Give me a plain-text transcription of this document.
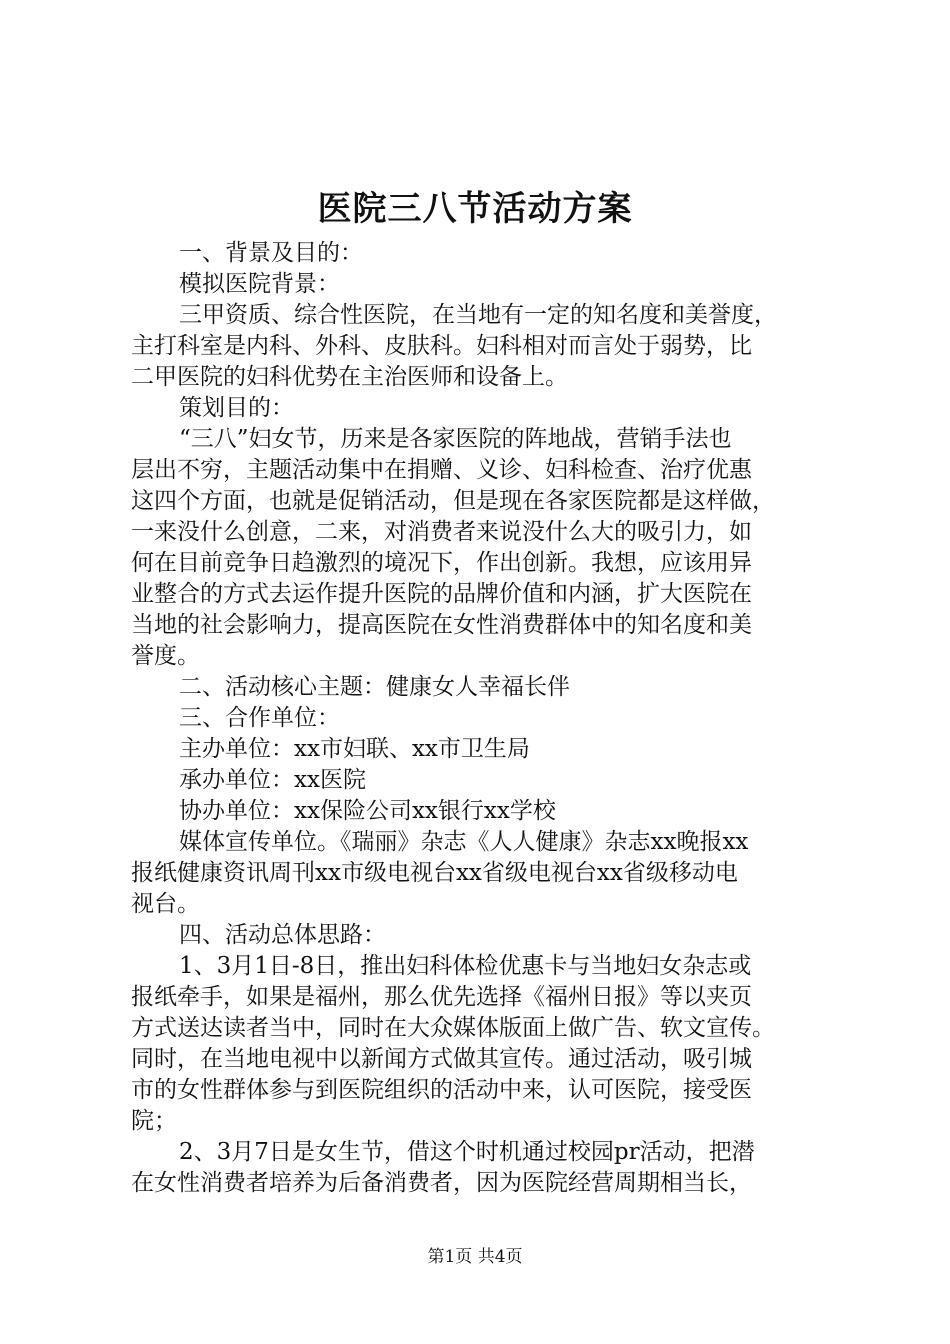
医院三八节活动方案
一、背景及目的：
模拟医院背景：
三甲资质、综合性医院，在当地有一定的知名度和美誉度，
主打科室是内科、外科、皮肤科。妇科相对而言处于弱势，比
二甲医院的妇科优势在主治医师和设备上。
策划目的：
“三八”妇女节，历来是各家医院的阵地战，营销手法也
层出不穷，主题活动集中在捐赠、义诊、妇科检查、治疗优惠
这四个方面，也就是促销活动，但是现在各家医院都是这样做，
一来没什么创意，二来，对消费者来说没什么大的吸引力，如
何在目前竞争日趋激烈的境况下，作出创新。我想，应该用异
业整合的方式去运作提升医院的品牌价值和内涵，扩大医院在
当地的社会影响力，提高医院在女性消费群体中的知名度和美
誉度。
二、活动核心主题：健康女人幸福长伴
三、合作单位：
主办单位：xx市妇联、xx市卫生局
承办单位：xx医院
协办单位：xx保险公司xx银行xx学校
媒体宣传单位。《瑞丽》杂志《人人健康》杂志xx晚报xx
报纸健康资讯周刊xx市级电视台xx省级电视台xx省级移动电
视台。
四、活动总体思路：
1、3月1日-8日，推出妇科体检优惠卡与当地妇女杂志或
报纸牵手，如果是福州，那么优先选择《福州日报》等以夹页
方式送达读者当中，同时在大众媒体版面上做广告、软文宣传。
同时，在当地电视中以新闻方式做其宣传。通过活动，吸引城
市的女性群体参与到医院组织的活动中来，认可医院，接受医
院；
2、3月7日是女生节，借这个时机通过校园pr活动，把潜
在女性消费者培养为后备消费者，因为医院经营周期相当长，
第1页 共4页
